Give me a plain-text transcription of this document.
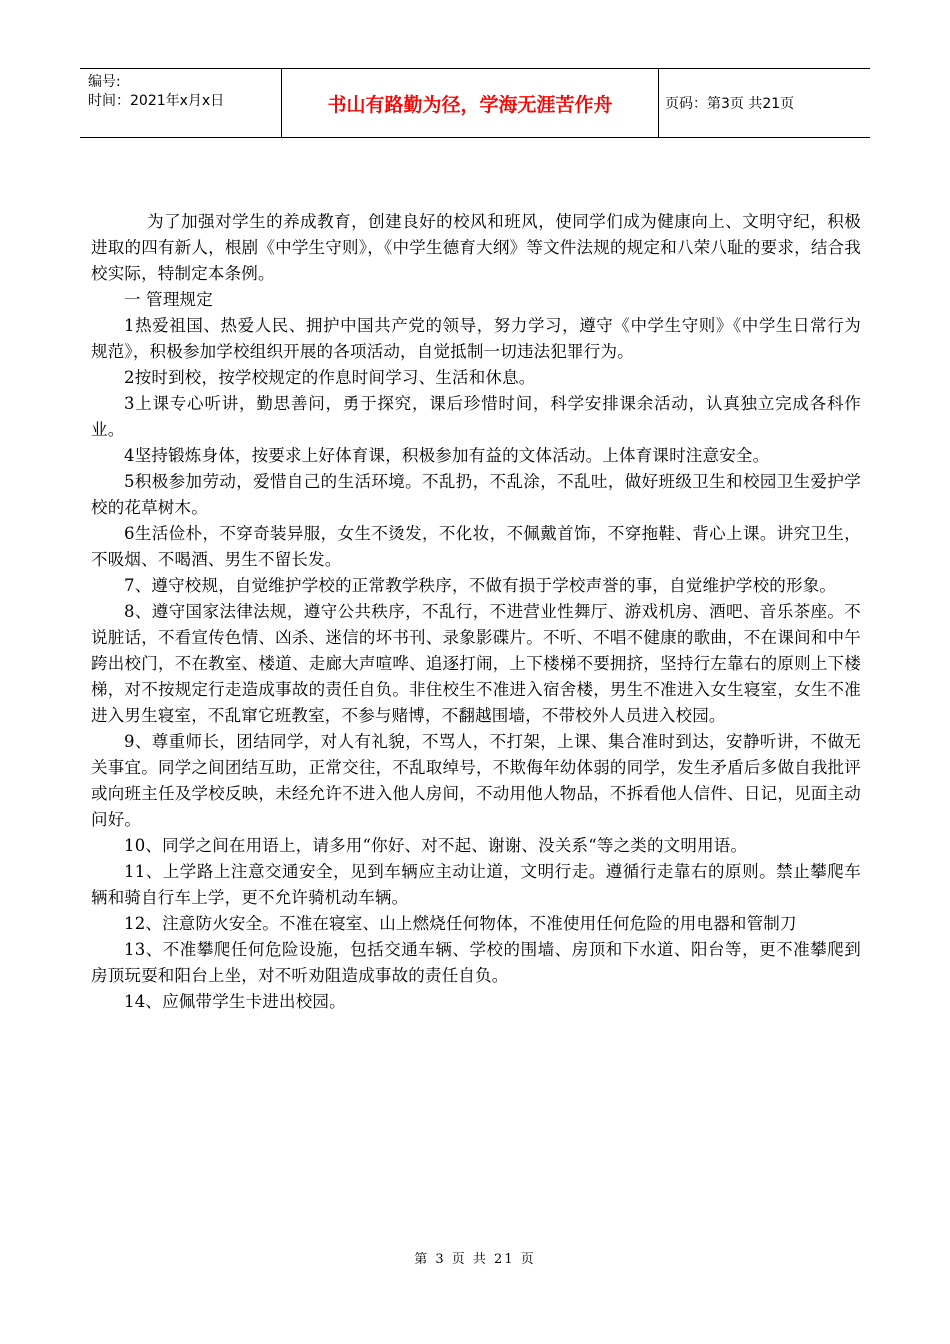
编号:
时间：2021年x月x日	书山有路勤为径，学海无涯苦作舟	页码：第3页 共21页

为了加强对学生的养成教育，创建良好的校风和班风，使同学们成为健康向上、文明守纪，积极进取的四有新人，根剧《中学生守则》，《中学生德育大纲》等文件法规的规定和八荣八耻的要求，结合我校实际，特制定本条例。

一 管理规定

1热爱祖国、热爱人民、拥护中国共产党的领导，努力学习，遵守《中学生守则》《中学生日常行为规范》，积极参加学校组织开展的各项活动，自觉抵制一切违法犯罪行为。

2按时到校，按学校规定的作息时间学习、生活和休息。

3上课专心听讲，勤思善问，勇于探究，课后珍惜时间，科学安排课余活动，认真独立完成各科作业。

4坚持锻炼身体，按要求上好体育课，积极参加有益的文体活动。上体育课时注意安全。

5积极参加劳动，爱惜自己的生活环境。不乱扔，不乱涂，不乱吐，做好班级卫生和校园卫生爱护学校的花草树木。

6生活俭朴，不穿奇装异服，女生不烫发，不化妆，不佩戴首饰，不穿拖鞋、背心上课。讲究卫生，不吸烟、不喝酒、男生不留长发。

7、遵守校规，自觉维护学校的正常教学秩序，不做有损于学校声誉的事，自觉维护学校的形象。

8、遵守国家法律法规，遵守公共秩序，不乱行，不进营业性舞厅、游戏机房、酒吧、音乐茶座。不说脏话，不看宣传色情、凶杀、迷信的坏书刊、录象影碟片。不听、不唱不健康的歌曲，不在课间和中午跨出校门，不在教室、楼道、走廊大声喧哗、追逐打闹，上下楼梯不要拥挤，坚持行左靠右的原则上下楼梯，对不按规定行走造成事故的责任自负。非住校生不准进入宿舍楼，男生不准进入女生寝室，女生不准进入男生寝室，不乱窜它班教室，不参与赌博，不翻越围墙，不带校外人员进入校园。

9、尊重师长，团结同学，对人有礼貌，不骂人，不打架，上课、集合准时到达，安静听讲，不做无关事宜。同学之间团结互助，正常交往，不乱取绰号，不欺侮年幼体弱的同学，发生矛盾后多做自我批评或向班主任及学校反映，未经允许不进入他人房间，不动用他人物品，不拆看他人信件、日记，见面主动问好。

10、同学之间在用语上，请多用“你好、对不起、谢谢、没关系“等之类的文明用语。

11、上学路上注意交通安全，见到车辆应主动让道，文明行走。遵循行走靠右的原则。禁止攀爬车辆和骑自行车上学，更不允许骑机动车辆。

12、注意防火安全。不准在寝室、山上燃烧任何物体，不准使用任何危险的用电器和管制刀

13、不准攀爬任何危险设施，包括交通车辆、学校的围墙、房顶和下水道、阳台等，更不准攀爬到房顶玩耍和阳台上坐，对不听劝阻造成事故的责任自负。

14、应佩带学生卡进出校园。

第 3 页 共 21 页
